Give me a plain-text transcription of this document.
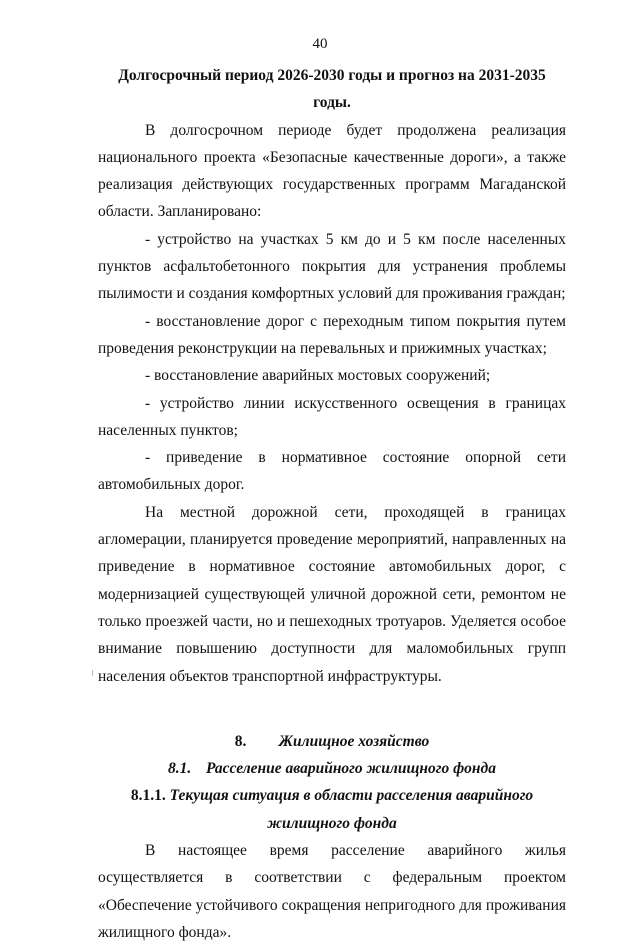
40

Долгосрочный период 2026-2030 годы и прогноз на 2031-2035 годы.

В долгосрочном периоде будет продолжена реализация национального проекта «Безопасные качественные дороги», а также реализация действующих государственных программ Магаданской области. Запланировано:

- устройство на участках 5 км до и 5 км после населенных пунктов асфальтобетонного покрытия для устранения проблемы пылимости и создания комфортных условий для проживания граждан;

- восстановление дорог с переходным типом покрытия путем проведения реконструкции на перевальных и прижимных участках;

- восстановление аварийных мостовых сооружений;

- устройство линии искусственного освещения в границах населенных пунктов;

- приведение в нормативное состояние опорной сети автомобильных дорог.

На местной дорожной сети, проходящей в границах агломерации, планируется проведение мероприятий, направленных на приведение в нормативное состояние автомобильных дорог, с модернизацией существующей уличной дорожной сети, ремонтом не только проезжей части, но и пешеходных тротуаров. Уделяется особое внимание повышению доступности для маломобильных групп населения объектов транспортной инфраструктуры.

8. Жилищное хозяйство
8.1. Расселение аварийного жилищного фонда
8.1.1. Текущая ситуация в области расселения аварийного жилищного фонда

В настоящее время расселение аварийного жилья осуществляется в соответствии с федеральным проектом «Обеспечение устойчивого сокращения непригодного для проживания жилищного фонда».
